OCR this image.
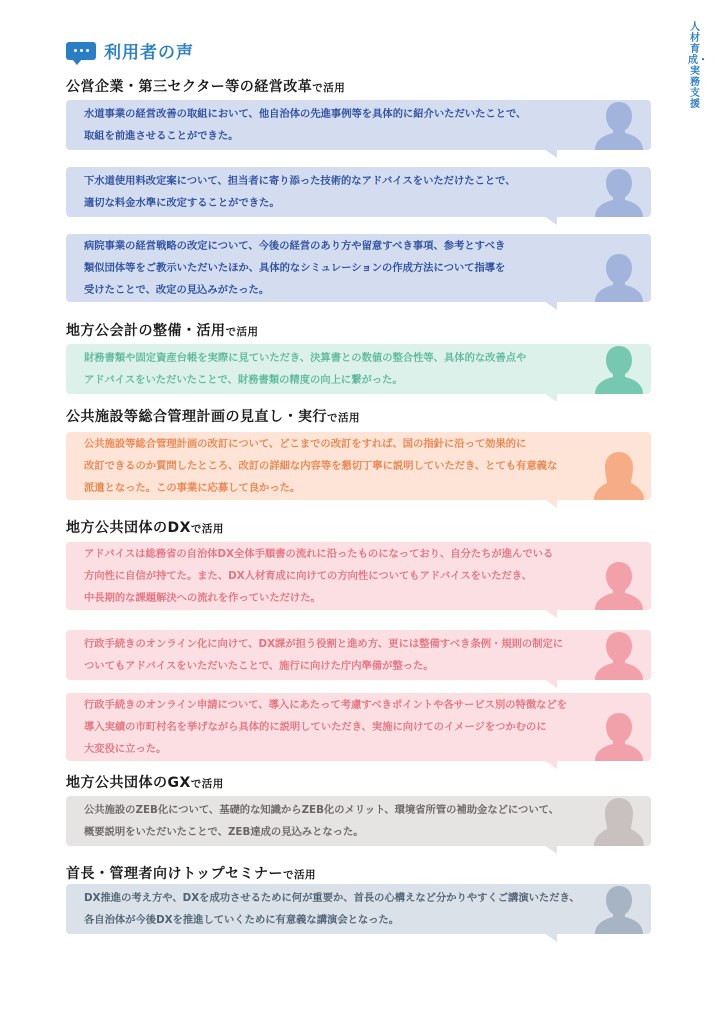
人材育成・実務支援
利用者の声
公営企業・第三セクター等の経営改革で活用

水道事業の経営改善の取組において、他自治体の先進事例等を具体的に紹介いただいたことで、

取組を前進させることができた。

下水道使用料改定案について、担当者に寄り添った技術的なアドバイスをいただけたことで、

適切な料金水準に改定することができた。

病院事業の経営戦略の改定について、今後の経営のあり方や留意すべき事項、参考とすべき

類似団体等をご教示いただいたほか、具体的なシミュレーションの作成方法について指導を

受けたことで、改定の見込みがたった。

地方公会計の整備・活用で活用

財務書類や固定資産台帳を実際に見ていただき、決算書との数値の整合性等、具体的な改善点や

アドバイスをいただいたことで、財務書類の精度の向上に繋がった。

公共施設等総合管理計画の見直し・実行で活用

公共施設等総合管理計画の改訂について、どこまでの改訂をすれば、国の指針に沿って効果的に

改訂できるのか質問したところ、改訂の詳細な内容等を懇切丁寧に説明していただき、とても有意義な

派遣となった。この事業に応募して良かった。

地方公共団体のDXで活用

アドバイスは総務省の自治体DX全体手順書の流れに沿ったものになっており、自分たちが進んでいる

方向性に自信が持てた。また、DX人材育成に向けての方向性についてもアドバイスをいただき、

中長期的な課題解決への流れを作っていただけた。

行政手続きのオンライン化に向けて、DX課が担う役割と進め方、更には整備すべき条例・規則の制定に

ついてもアドバイスをいただいたことで、施行に向けた庁内準備が整った。

行政手続きのオンライン申請について、導入にあたって考慮すべきポイントや各サービス別の特徴などを

導入実績の市町村名を挙げながら具体的に説明していただき、実施に向けてのイメージをつかむのに

大変役に立った。

地方公共団体のGXで活用

公共施設のZEB化について、基礎的な知識からZEB化のメリット、環境省所管の補助金などについて、

概要説明をいただいたことで、ZEB達成の見込みとなった。

首長・管理者向けトップセミナーで活用

DX推進の考え方や、DXを成功させるために何が重要か、首長の心構えなど分かりやすくご講演いただき、

各自治体が今後DXを推進していくために有意義な講演会となった。
